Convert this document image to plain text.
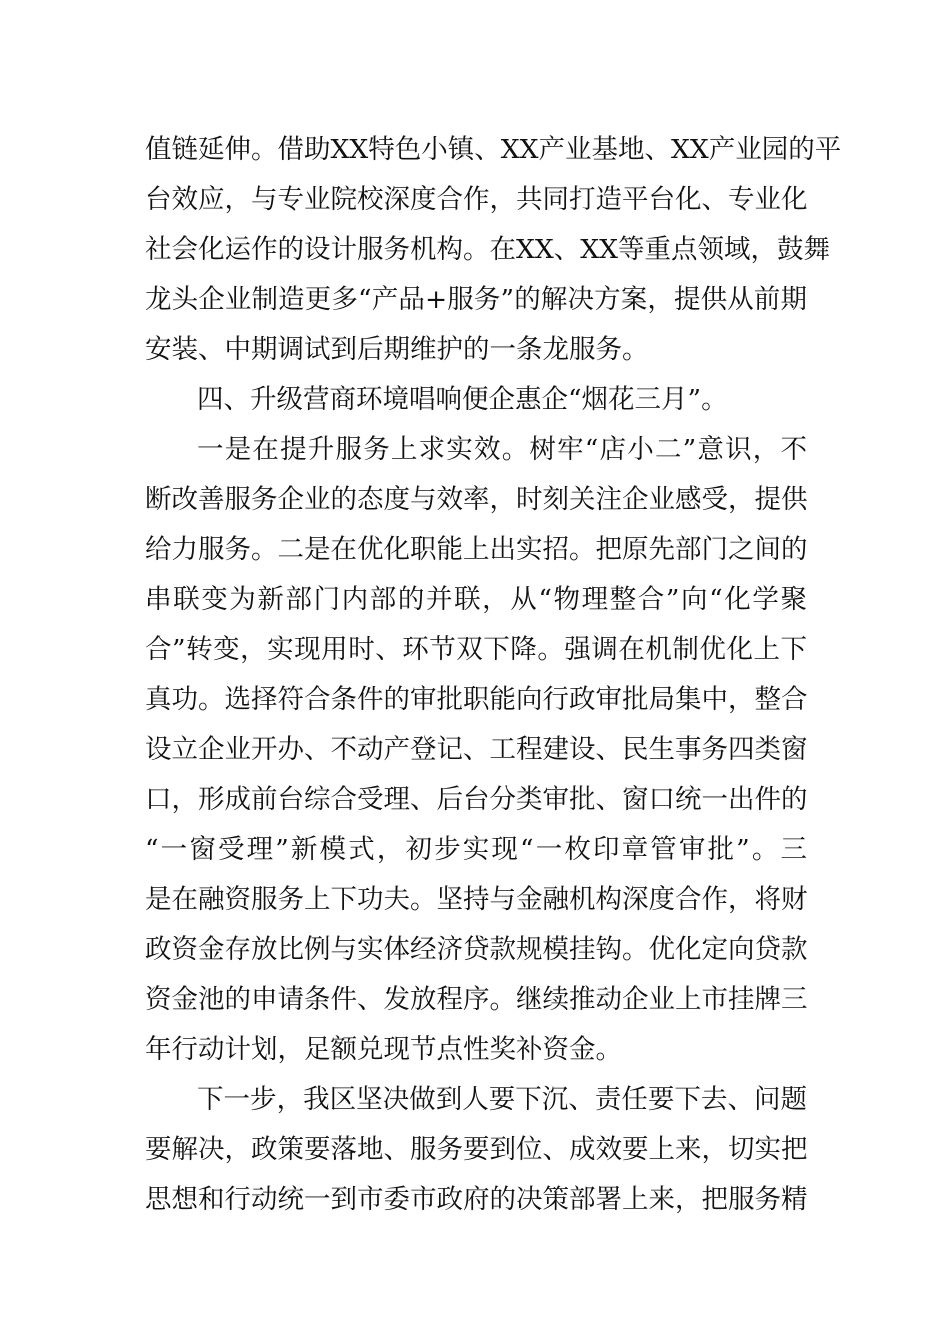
值链延伸。借助XX特色小镇、XX产业基地、XX产业园的平
台效应，与专业院校深度合作，共同打造平台化、专业化
社会化运作的设计服务机构。在XX、XX等重点领域，鼓舞
龙头企业制造更多“产品+服务”的解决方案，提供从前期
安装、中期调试到后期维护的一条龙服务。
四、升级营商环境唱响便企惠企“烟花三月”。
一是在提升服务上求实效。树牢“店小二”意识，不
断改善服务企业的态度与效率，时刻关注企业感受，提供
给力服务。二是在优化职能上出实招。把原先部门之间的
串联变为新部门内部的并联，从“物理整合”向“化学聚
合”转变，实现用时、环节双下降。强调在机制优化上下
真功。选择符合条件的审批职能向行政审批局集中，整合
设立企业开办、不动产登记、工程建设、民生事务四类窗
口，形成前台综合受理、后台分类审批、窗口统一出件的
“一窗受理”新模式，初步实现“一枚印章管审批”。三
是在融资服务上下功夫。坚持与金融机构深度合作，将财
政资金存放比例与实体经济贷款规模挂钩。优化定向贷款
资金池的申请条件、发放程序。继续推动企业上市挂牌三
年行动计划，足额兑现节点性奖补资金。
下一步，我区坚决做到人要下沉、责任要下去、问题
要解决，政策要落地、服务要到位、成效要上来，切实把
思想和行动统一到市委市政府的决策部署上来，把服务精
